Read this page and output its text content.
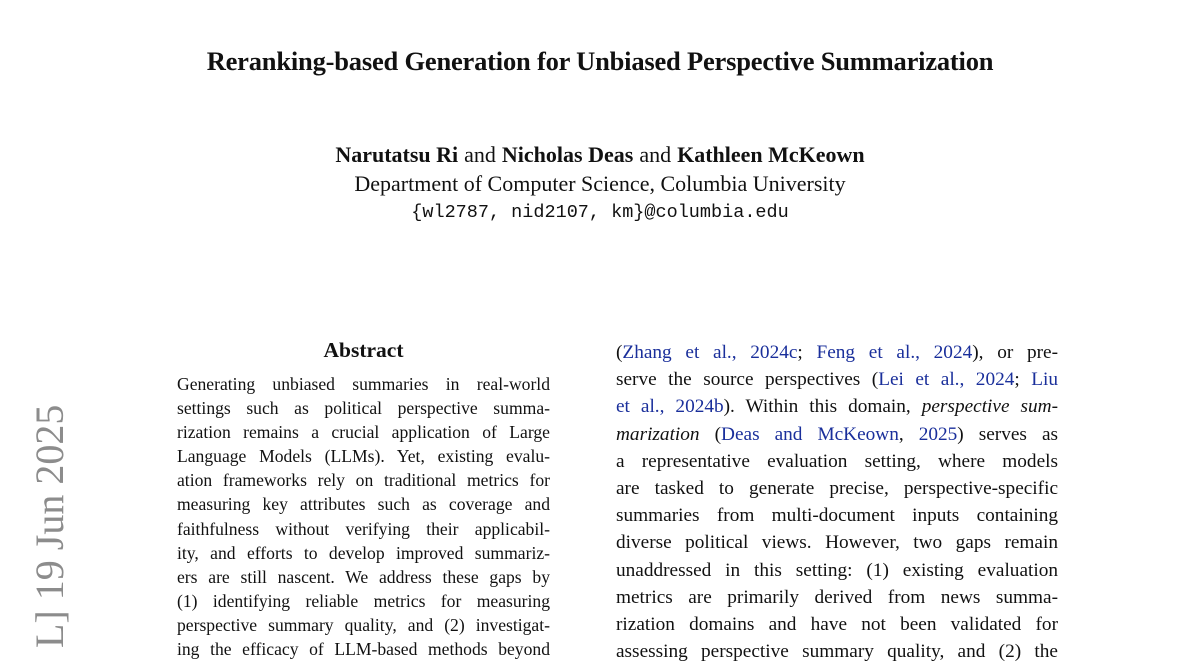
Reranking-based Generation for Unbiased Perspective Summarization
Narutatsu Ri and Nicholas Deas and Kathleen McKeown
Department of Computer Science, Columbia University
{wl2787, nid2107, km}@columbia.edu
L] 19 Jun 2025
Abstract
Generating unbiased summaries in real-world
settings such as political perspective summa-
rization remains a crucial application of Large
Language Models (LLMs). Yet, existing evalu-
ation frameworks rely on traditional metrics for
measuring key attributes such as coverage and
faithfulness without verifying their applicabil-
ity, and efforts to develop improved summariz-
ers are still nascent. We address these gaps by
(1) identifying reliable metrics for measuring
perspective summary quality, and (2) investigat-
ing the efficacy of LLM-based methods beyond
(Zhang et al., 2024c; Feng et al., 2024), or pre-
serve the source perspectives (Lei et al., 2024; Liu
et al., 2024b). Within this domain, perspective sum-
marization (Deas and McKeown, 2025) serves as
a representative evaluation setting, where models
are tasked to generate precise, perspective-specific
summaries from multi-document inputs containing
diverse political views. However, two gaps remain
unaddressed in this setting: (1) existing evaluation
metrics are primarily derived from news summa-
rization domains and have not been validated for
assessing perspective summary quality, and (2) the
